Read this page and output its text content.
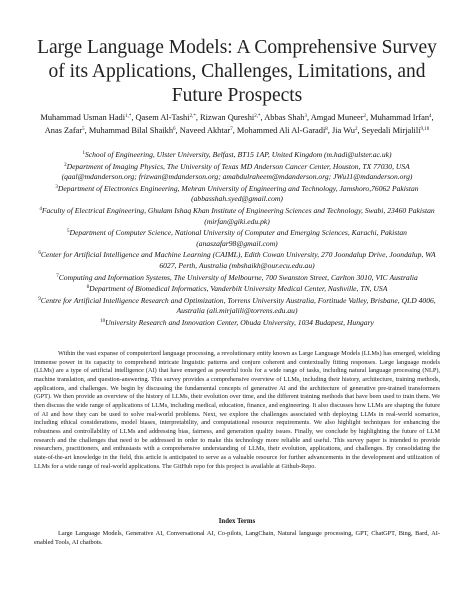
Large Language Models: A Comprehensive Survey
of its Applications, Challenges, Limitations, and
Future Prospects
Muhammad Usman Hadi$^{1,*}$, Qasem Al-Tashi$^{2,*}$, Rizwan Qureshi$^{2,*}$, Abbas Shah$^3$, Amgad Muneer$^2$, Muhammad Irfan$^4$, Anas Zafar$^5$, Muhammad Bilal Shaikh$^6$, Naveed Akhtar$^7$, Mohammed Ali Al-Garadi$^8$, Jia Wu$^2$, Seyedali Mirjalili$^{9,10}$

$^1$School of Engineering, Ulster University, Belfast, BT15 1AP, United Kingdom (m.hadi@ulster.ac.uk)

$^2$Department of Imaging Physics, The University of Texas MD Anderson Cancer Center, Houston, TX 77030, USA (qaal@mdanderson.org; frizwan@mdanderson.org; amabdulraheem@mdanderson.org; JWu11@mdanderson.org)

$^3$Department of Electronics Engineering, Mehran University of Engineering and Technology, Jamshoro,76062 Pakistan (abbasshah.syed@gmail.com)

$^4$Faculty of Electrical Engineering, Ghulam Ishaq Khan Institute of Engineering Sciences and Technology, Swabi, 23460 Pakistan (mirfan@giki.edu.pk)

$^5$Department of Computer Science, National University of Computer and Emerging Sciences, Karachi, Pakistan (anaszafar98@gmail.com)

$^6$Center for Artificial Intelligence and Machine Learning (CAIML), Edith Cowan University, 270 Joondalup Drive, Joondalup, WA 6027, Perth, Australia (mbshaikh@our.ecu.edu.au)

$^7$Computing and Information Systems, The University of Melbourne, 700 Swanston Street, Carlton 3010, VIC Australia

$^8$Department of Biomedical Informatics, Vanderbilt University Medical Center, Nashville, TN, USA

$^9$Centre for Artificial Intelligence Research and Optimization, Torrens University Australia, Fortitude Valley, Brisbane, QLD 4006, Australia (ali.mirjalili@torrens.edu.au)

$^{10}$University Research and Innovation Center, Obuda University, 1034 Budapest, Hungary

Within the vast expanse of computerized language processing, a revolutionary entity known as Large Language Models (LLMs) has emerged, wielding immense power in its capacity to comprehend intricate linguistic patterns and conjure coherent and contextually fitting responses. Large language models (LLMs) are a type of artificial intelligence (AI) that have emerged as powerful tools for a wide range of tasks, including natural language processing (NLP), machine translation, and question-answering. This survey provides a comprehensive overview of LLMs, including their history, architecture, training methods, applications, and challenges. We begin by discussing the fundamental concepts of generative AI and the architecture of generative pre-trained transformers (GPT). We then provide an overview of the history of LLMs, their evolution over time, and the different training methods that have been used to train them. We then discuss the wide range of applications of LLMs, including medical, education, finance, and engineering. It also discusses how LLMs are shaping the future of AI and how they can be used to solve real-world problems. Next, we explore the challenges associated with deploying LLMs in real-world scenarios, including ethical considerations, model biases, interpretability, and computational resource requirements. We also highlight techniques for enhancing the robustness and controllability of LLMs and addressing bias, fairness, and generation quality issues. Finally, we conclude by highlighting the future of LLM research and the challenges that need to be addressed in order to make this technology more reliable and useful. This survey paper is intended to provide researchers, practitioners, and enthusiasts with a comprehensive understanding of LLMs, their evolution, applications, and challenges. By consolidating the state-of-the-art knowledge in the field, this article is anticipated to serve as a valuable resource for further advancements in the development and utilization of LLMs for a wide range of real-world applications. The GitHub repo for this project is available at Github-Repo.
Index Terms
Large Language Models, Generative AI, Conversational AI, Co-pilots, LangChain, Natural language processing, GPT, ChatGPT, Bing, Bard, AI-enabled Tools, AI chatbots.
